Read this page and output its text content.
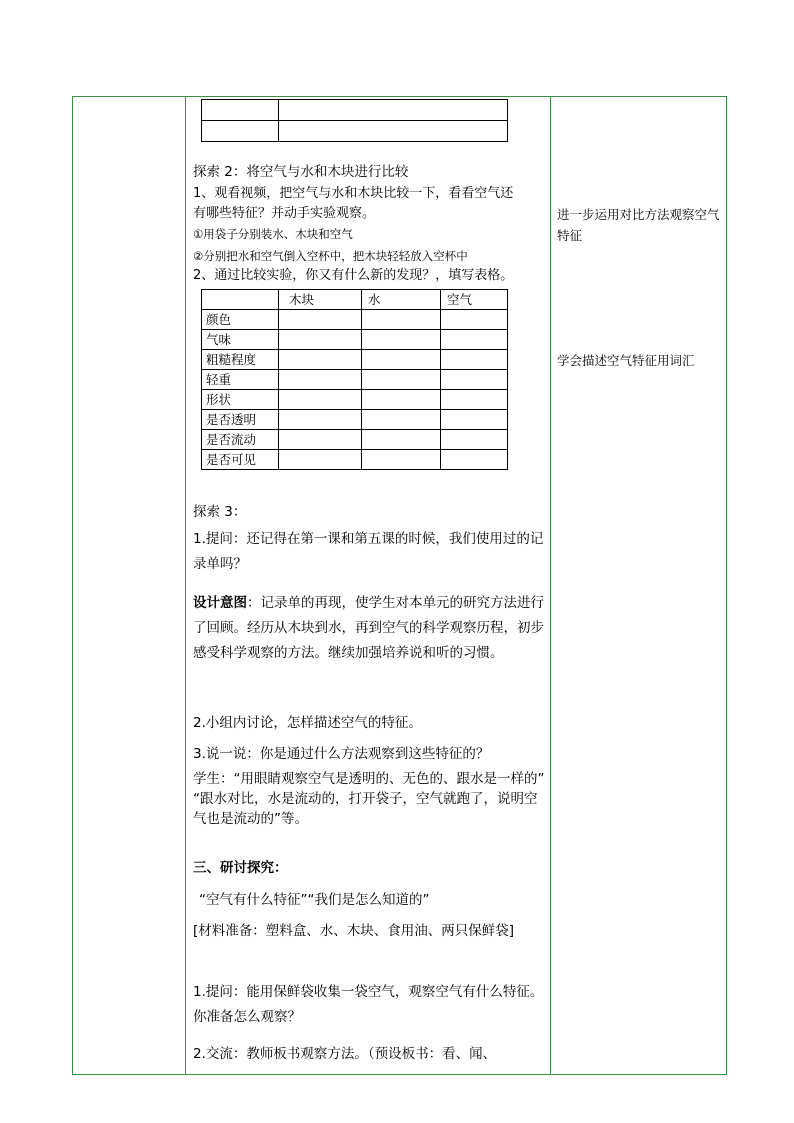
探索 2：将空气与水和木块进行比较
1、观看视频，把空气与水和木块比较一下，看看空气还
有哪些特征？并动手实验观察。
①用袋子分别装水、木块和空气
②分别把水和空气倒入空杯中，把木块轻轻放入空杯中
2、通过比较实验，你又有什么新的发现？，填写表格。
	木块	水	空气
颜色			
气味			
粗糙程度			
轻重			
形状			
是否透明			
是否流动			
是否可见			
探索 3：
1.提问：还记得在第一课和第五课的时候，我们使用过的记录单吗？
设计意图：记录单的再现，使学生对本单元的研究方法进行了回顾。经历从木块到水，再到空气的科学观察历程，初步感受科学观察的方法。继续加强培养说和听的习惯。
2.小组内讨论，怎样描述空气的特征。
3.说一说：你是通过什么方法观察到这些特征的？
学生：“用眼睛观察空气是透明的、无色的、跟水是一样的” “跟水对比，水是流动的，打开袋子，空气就跑了，说明空气也是流动的”等。
三、研讨探究：
“空气有什么特征”“我们是怎么知道的”
[材料准备：塑料盒、水、木块、食用油、两只保鲜袋]
1.提问：能用保鲜袋收集一袋空气，观察空气有什么特征。你准备怎么观察？
2.交流：教师板书观察方法。（预设板书：看、闻、
进一步运用对比方法观察空气特征
学会描述空气特征用词汇
